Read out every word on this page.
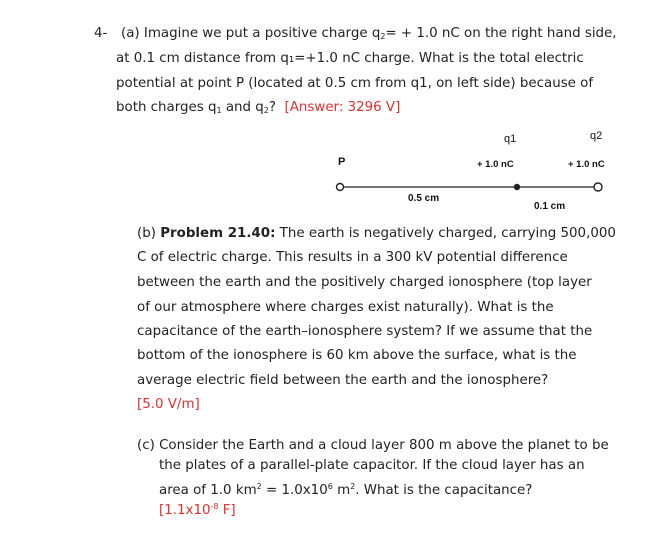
4- (a) Imagine we put a positive charge $q_2= + 1.0$ nC on the right hand side,
at 0.1 cm distance from q₁=+1.0 nC charge. What is the total electric
potential at point P (located at 0.5 cm from q1, on left side) because of
both charges $q_1$ and $q_2$? [Answer: 3296 V]
q1	q2
P	+ 1.0 nC	+ 1.0 nC
0.5 cm
0.1 cm
(b) Problem 21.40: The earth is negatively charged, carrying 500,000
C of electric charge. This results in a 300 kV potential difference
between the earth and the positively charged ionosphere (top layer
of our atmosphere where charges exist naturally). What is the
capacitance of the earth–ionosphere system? If we assume that the
bottom of the ionosphere is 60 km above the surface, what is the
average electric field between the earth and the ionosphere?
[5.0 V/m]
(c) Consider the Earth and a cloud layer 800 m above the planet to be
the plates of a parallel-plate capacitor. If the cloud layer has an
area of 1.0 $km^2 = 1.0x10^6$ $m^2$. What is the capacitance?
[$1.1x10^{-8}$ F]
